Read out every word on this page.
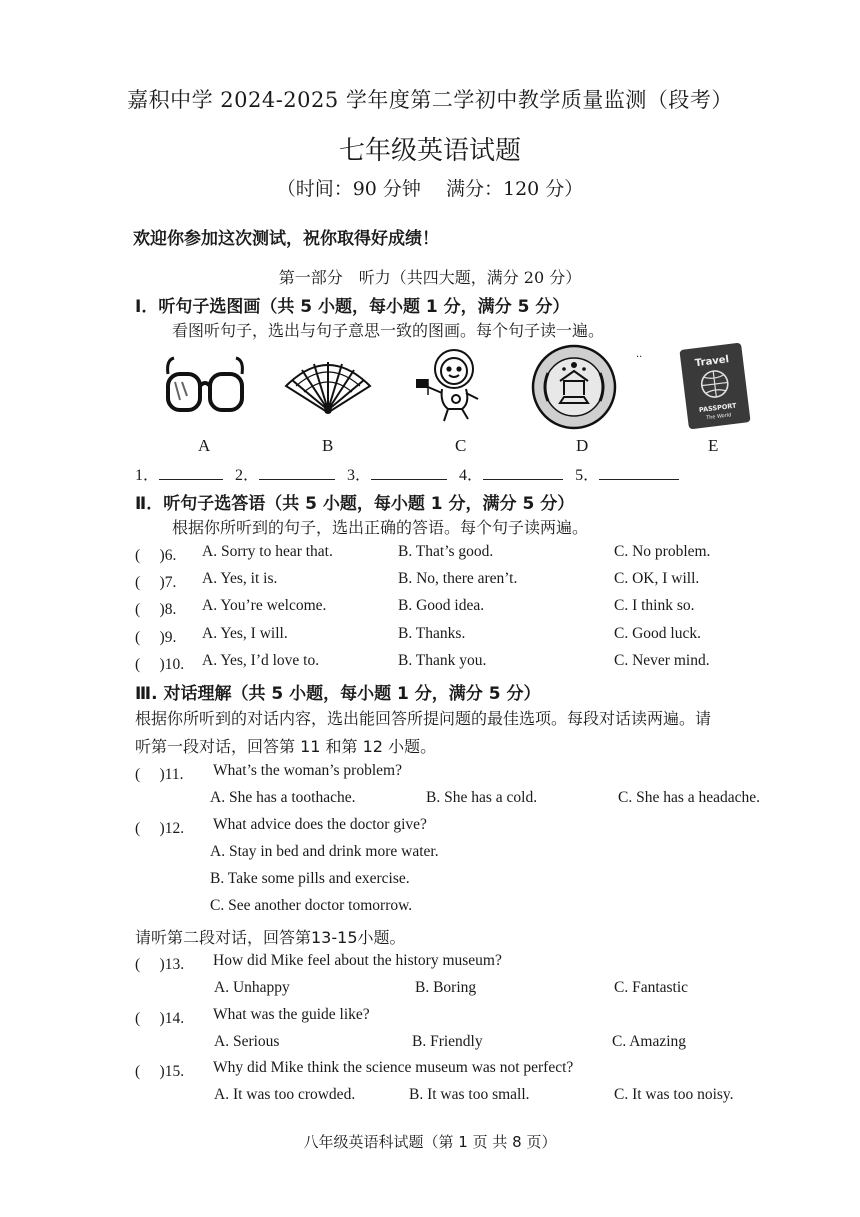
嘉积中学 2024-2025 学年度第二学初中教学质量监测（段考）
七年级英语试题
（时间：90 分钟　 满分：120 分）
欢迎你参加这次测试，祝你取得好成绩！
第一部分　听力（共四大题，满分 20 分）
Ⅰ．听句子选图画（共 5 小题，每小题 1 分，满分 5 分）
看图听句子，选出与句子意思一致的图画。每个句子读一遍。
··	Travel
PASSPORT
The World
A	B	C	D	E
1．	2．	3．	4．	5．
Ⅱ．听句子选答语（共 5 小题，每小题 1 分，满分 5 分）
根据你所听到的句子，选出正确的答语。每个句子读两遍。
(　 )6. A. Sorry to hear that.	B. That’s good.	C. No problem.
(　 )7. A. Yes, it is.	B. No, there aren’t.	C. OK, I will.
(　 )8. A. You’re welcome.	B. Good idea.	C. I think so.
(　 )9. A. Yes, I will.	B. Thanks.	C. Good luck.
(　 )10. A. Yes, I’d love to.	B. Thank you.	C. Never mind.
Ⅲ. 对话理解（共 5 小题，每小题 1 分，满分 5 分）
根据你所听到的对话内容，选出能回答所提问题的最佳选项。每段对话读两遍。请
听第一段对话，回答第 11 和第 12 小题。
(　 )11. What’s the woman’s problem?
A. She has a toothache.	B. She has a cold.	C. She has a headache.
(　 )12. What advice does the doctor give?
A. Stay in bed and drink more water.
B. Take some pills and exercise.
C. See another doctor tomorrow.
请听第二段对话，回答第13-15小题。
(　 )13. How did Mike feel about the history museum?
A. Unhappy	B. Boring	C. Fantastic
(　 )14. What was the guide like?
A. Serious	B. Friendly	C. Amazing
(　 )15. Why did Mike think the science museum was not perfect?
A. It was too crowded.	B. It was too small.	C. It was too noisy.
八年级英语科试题（第 1 页 共 8 页）
